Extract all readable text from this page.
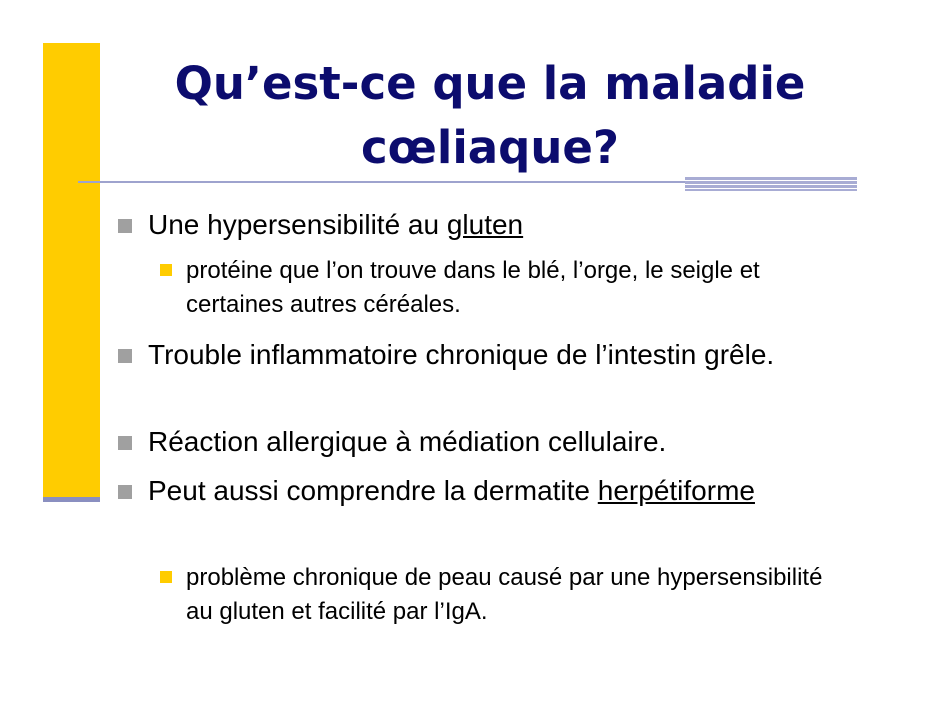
Qu’est-ce que la maladie cœliaque?

Une hypersensibilité au gluten

protéine que l’on trouve dans le blé, l’orge, le seigle et certaines autres céréales.

Trouble inflammatoire chronique de l’intestin grêle.

Réaction allergique à médiation cellulaire.

Peut aussi comprendre la dermatite herpétiforme

problème chronique de peau causé par une hypersensibilité au gluten et facilité par l’IgA.
